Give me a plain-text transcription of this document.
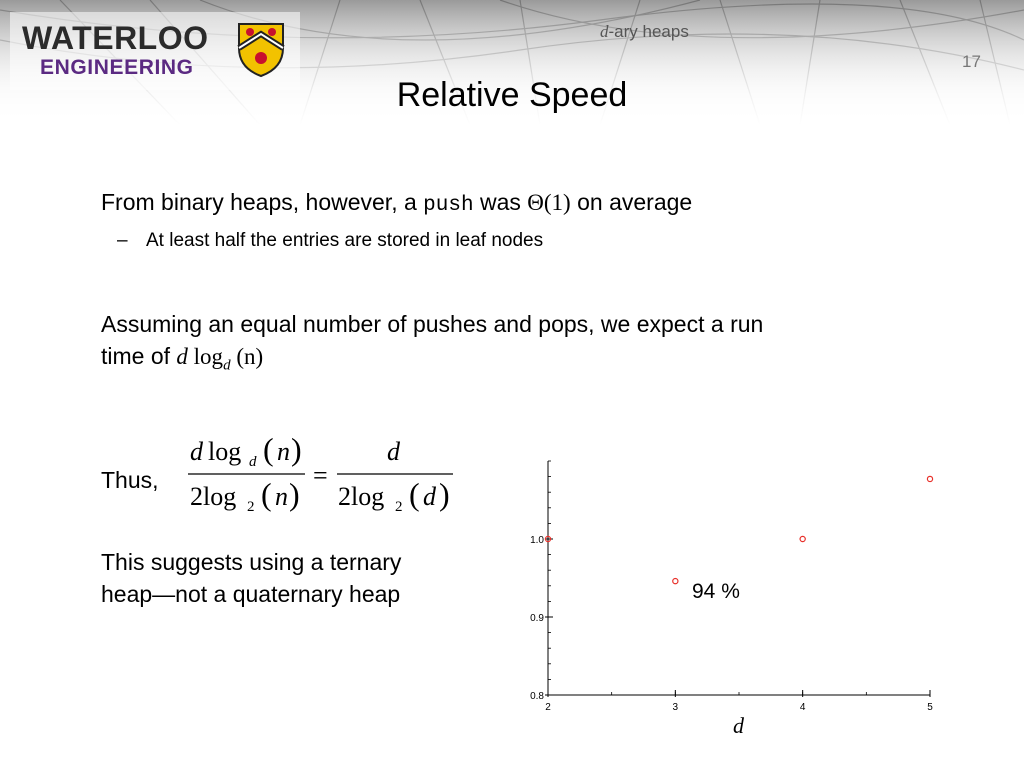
WATERLOO
ENGINEERING
d-ary heaps
17
Relative Speed
From binary heaps, however, a push was Θ(1) on average
– At least half the entries are stored in leaf nodes
Assuming an equal number of pushes and pops, we expect a run
time of d $\log_d (n)$
Thus,
d log d ( n )
2log 2 ( n )
=
d
2log 2 ( d )
This suggests using a ternary
heap—not a quaternary heap
0.8
0.9
1.0
2	3	4	5
d
94 %
